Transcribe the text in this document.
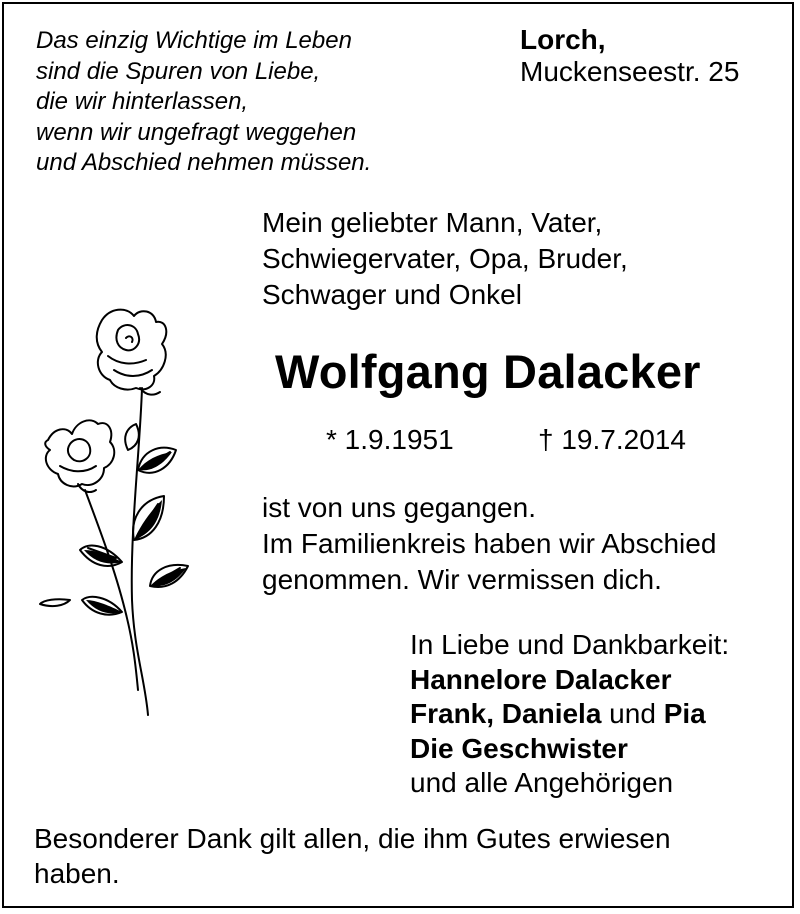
Das einzig Wichtige im Leben
sind die Spuren von Liebe,
die wir hinterlassen,
wenn wir ungefragt weggehen
und Abschied nehmen müssen.
Lorch,
Muckenseestr. 25
Mein geliebter Mann, Vater,
Schwiegervater, Opa, Bruder,
Schwager und Onkel
Wolfgang Dalacker
* 1.9.1951	† 19.7.2014
ist von uns gegangen.
Im Familienkreis haben wir Abschied
genommen. Wir vermissen dich.
In Liebe und Dankbarkeit:
Hannelore Dalacker
Frank, Daniela und Pia
Die Geschwister
und alle Angehörigen
Besonderer Dank gilt allen, die ihm Gutes erwiesen
haben.
